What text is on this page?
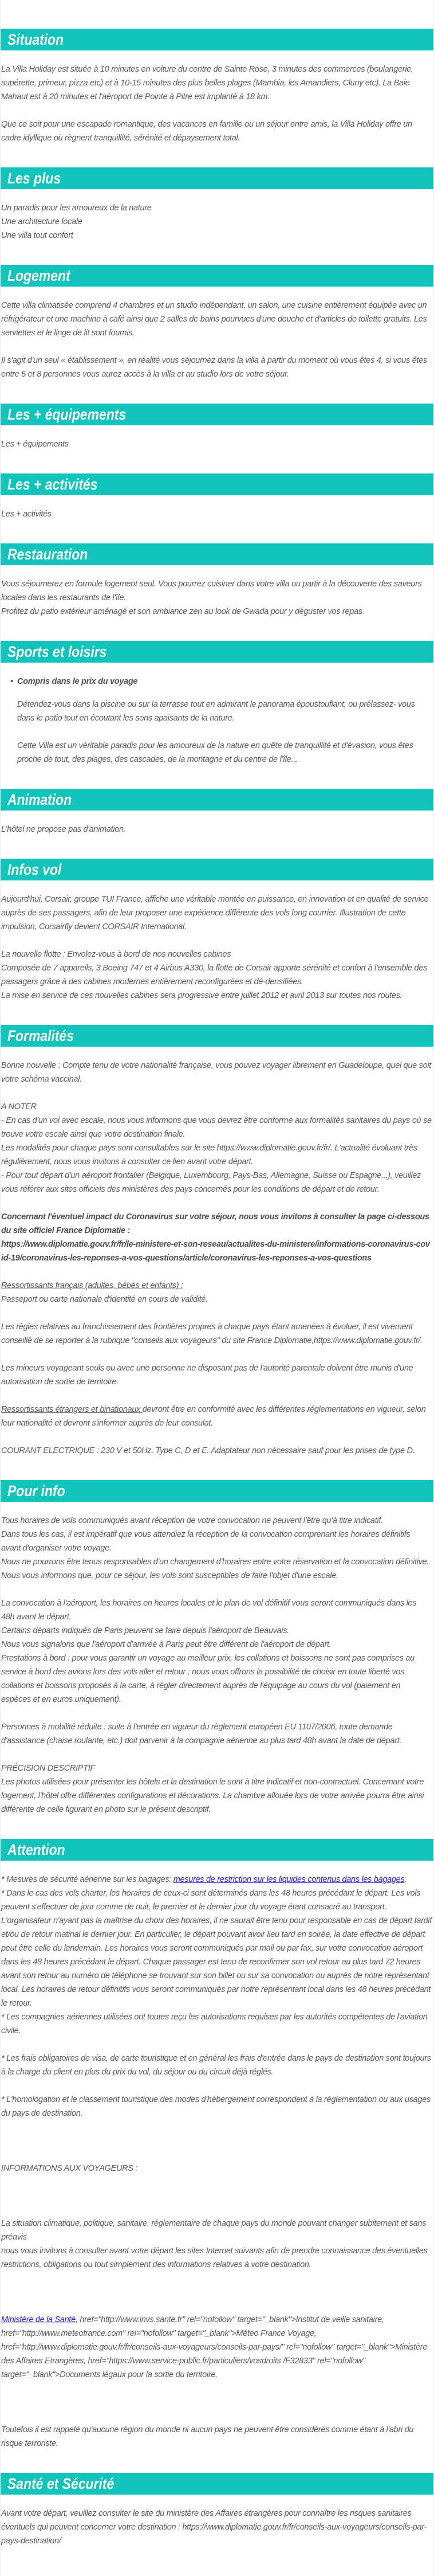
Situation

La Villa Holiday est située à 10 minutes en voiture du centre de Sainte Rose, 3 minutes des commerces (boulangerie, supérette, primeur, pizza etc) et à 10-15 minutes des plus belles plages (Mambia, les Amandiers, Cluny etc). La Baie Mahaut est à 20 minutes et l'aéroport de Pointe à Pitre est implanté à 18 km.

Que ce soit pour une escapade romantique, des vacances en famille ou un séjour entre amis, la Villa Holiday offre un cadre idyllique où règnent tranquillité, sérénité et dépaysement total.

Les plus

Un paradis pour les amoureux de la nature

Une architecture locale

Une villa tout confort

Logement

Cette villa climatisée comprend 4 chambres et un studio indépendant, un salon, une cuisine entièrement équipée avec un réfrigérateur et une machine à café ainsi que 2 salles de bains pourvues d'une douche et d'articles de toilette gratuits. Les serviettes et le linge de lit sont fournis.

Il s'agit d'un seul « établissement », en réalité vous séjournez dans la villa à partir du moment où vous êtes 4, si vous êtes entre 5 et 8 personnes vous aurez accès à la villa et au studio lors de votre séjour.

Les + équipements

Les + équipements

Les + activités

Les + activités

Restauration

Vous séjournerez en formule logement seul. Vous pourrez cuisiner dans votre villa ou partir à la découverte des saveurs locales dans les restaurants de l'île.

Profitez du patio extérieur aménagé et son ambiance zen au look de Gwada pour y déguster vos repas.

Sports et loisirs
• Compris dans le prix du voyage

Détendez-vous dans la piscine ou sur la terrasse tout en admirant le panorama époustouflant, ou prélassez- vous dans le patio tout en écoutant les sons apaisants de la nature.

Cette Villa est un véritable paradis pour les amoureux de la nature en quête de tranquillité et d'évasion, vous êtes proche de tout, des plages, des cascades, de la montagne et du centre de l'île...

Animation

L'hôtel ne propose pas d'animation.

Infos vol

Aujourd'hui, Corsair, groupe TUI France, affiche une véritable montée en puissance, en innovation et en qualité de service auprès de ses passagers, afin de leur proposer une expérience différente des vols long courrier. Illustration de cette impulsion, Corsairfly devient CORSAIR International.

La nouvelle flotte : Envolez-vous à bord de nos nouvelles cabines

Composée de 7 appareils, 3 Boeing 747 et 4 Airbus A330, la flotte de Corsair apporte sérénité et confort à l'ensemble des passagers grâce à des cabines modernes entièrement reconfigurées et dé-densifiées.

La mise en service de ces nouvelles cabines sera progressive entre juillet 2012 et avril 2013 sur toutes nos routes.

Formalités

Bonne nouvelle : Compte tenu de votre nationalité française, vous pouvez voyager librement en Guadeloupe, quel que soit votre schéma vaccinal.

A NOTER

- En cas d'un vol avec escale, nous vous informons que vous devrez être conforme aux formalités sanitaires du pays où se trouve votre escale ainsi que votre destination finale.

Les modalités pour chaque pays sont consultables sur le site https://www.diplomatie.gouv.fr/fr/. L'actualité évoluant très régulièrement, nous vous invitons à consulter ce lien avant votre départ.

- Pour tout départ d'un aéroport frontalier (Belgique, Luxembourg, Pays-Bas, Allemagne, Suisse ou Espagne...), veuillez vous référer aux sites officiels des ministères des pays concernés pour les conditions de départ et de retour.

Concernant l'éventuel impact du Coronavirus sur votre séjour, nous vous invitons à consulter la page ci-dessous du site officiel France Diplomatie :

https://www.diplomatie.gouv.fr/fr/le-ministere-et-son-reseau/actualites-du-ministere/informations-coronavirus-covid-19/coronavirus-les-reponses-a-vos-questions/article/coronavirus-les-reponses-a-vos-questions

Ressortissants français (adultes, bébés et enfants) :

Passeport ou carte nationale d'identité en cours de validité.

Les règles relatives au franchissement des frontières propres à chaque pays étant amenées à évoluer, il est vivement conseillé de se reporter à la rubrique "conseils aux voyageurs" du site France Diplomatie,https://www.diplomatie.gouv.fr/.

Les mineurs voyageant seuls ou avec une personne ne disposant pas de l'autorité parentale doivent être munis d'une autorisation de sortie de territoire.

Ressortissants étrangers et binationaux devront être en conformité avec les différentes réglementations en vigueur, selon leur nationalité et devront s'informer auprès de leur consulat.

COURANT ELECTRIQUE : 230 V et 50Hz. Type C, D et E. Adaptateur non nécessaire sauf pour les prises de type D.

Pour info

Tous horaires de vols communiqués avant réception de votre convocation ne peuvent l'être qu'à titre indicatif.

Dans tous les cas, il est impératif que vous attendiez la réception de la convocation comprenant les horaires définitifs avant d'organiser votre voyage.

Nous ne pourrons être tenus responsables d'un changement d'horaires entre votre réservation et la convocation définitive.

Nous vous informons que, pour ce séjour, les vols sont susceptibles de faire l'objet d'une escale.

La convocation à l'aéroport, les horaires en heures locales et le plan de vol définitif vous seront communiqués dans les 48h avant le départ.

Certains départs indiqués de Paris peuvent se faire depuis l'aéroport de Beauvais.

Nous vous signalons que l'aéroport d'arrivée à Paris peut être différent de l'aéroport de départ.

Prestations à bord : pour vous garantir un voyage au meilleur prix, les collations et boissons ne sont pas comprises au service à bord des avions lors des vols aller et retour ; nous vous offrons la possibilité de choisir en toute liberté vos collations et boissons proposés à la carte, à régler directement auprès de l'équipage au cours du vol (paiement en espèces et en euros uniquement).

Personnes à mobilité réduite : suite à l'entrée en vigueur du règlement européen EU 1107/2006, toute demande d'assistance (chaise roulante, etc.) doit parvenir à la compagnie aérienne au plus tard 48h avant la date de départ.

PRÉCISION DESCRIPTIF

Les photos utilisées pour présenter les hôtels et la destination le sont à titre indicatif et non-contractuel. Concernant votre logement, l'hôtel offre différentes configurations et décorations. La chambre allouée lors de votre arrivée pourra être ainsi différente de celle figurant en photo sur le présent descriptif.

Attention

* Mesures de sécurité aérienne sur les bagages: mesures de restriction sur les liquides contenus dans les bagages.

* Dans le cas des vols charter, les horaires de ceux-ci sont déterminés dans les 48 heures précédant le départ. Les vols peuvent s'effectuer de jour comme de nuit, le premier et le dernier jour du voyage étant consacré au transport. L'organisateur n'ayant pas la maîtrise du choix des horaires, il ne saurait être tenu pour responsable en cas de départ tardif et/ou de retour matinal le dernier jour. En particulier, le départ pouvant avoir lieu tard en soirée, la date effective de départ peut être celle du lendemain. Les horaires vous seront communiqués par mail ou par fax, sur votre convocation aéroport dans les 48 heures précédant le départ. Chaque passager est tenu de reconfirmer son vol retour au plus tard 72 heures avant son retour au numéro de téléphone se trouvant sur son billet ou sur sa convocation ou auprés de notre représentant local. Les horaires de retour définitifs vous seront communiqués par notre représentant local dans les 48 heures précédant le retour.

* Les compagnies aériennes utilisées ont toutes reçu les autorisations requises par les autorités compétentes de l'aviation civile.

* Les frais obligatoires de visa, de carte touristique et en général les frais d'entrée dans le pays de destination sont toujours à la charge du client en plus du prix du vol, du séjour ou du circuit déjà réglés.

* L'homologation et le classement touristique des modes d'hébergement correspondent à la réglementation ou aux usages du pays de destination.

INFORMATIONS AUX VOYAGEURS :

La situation climatique, politique, sanitaire, réglementaire de chaque pays du monde pouvant changer subitement et sans préavis

nous vous invitons à consulter avant votre départ les sites Internet suivants afin de prendre connaissance des éventuelles restrictions, obligations ou tout simplement des informations relatives à votre destination.

Ministère de la Santé, href="http://www.invs.sante.fr" rel="nofollow" target="_blank">Institut de veille sanitaire, href="http://www.meteofrance.com" rel="nofollow" target="_blank">Méteo France Voyage, href="http://www.diplomatie.gouv.fr/fr/conseils-aux-voyageurs/conseils-par-pays/" rel="nofollow" target="_blank">Ministère des Affaires Etrangères, href="https://www.service-public.fr/particuliers/vosdroits /F32833" rel="nofollow" target="_blank">Documents légaux pour la sortie du territoire.

Toutefois il est rappelé qu'aucune région du monde ni aucun pays ne peuvent être considérés comme étant à l'abri du risque terroriste.

Santé et Sécurité

Avant votre départ, veuillez consulter le site du ministère des Affaires étrangères pour connaître les risques sanitaires éventuels qui peuvent concerner votre destination : https://www.diplomatie.gouv.fr/fr/conseils-aux-voyageurs/conseils-par-pays-destination/
